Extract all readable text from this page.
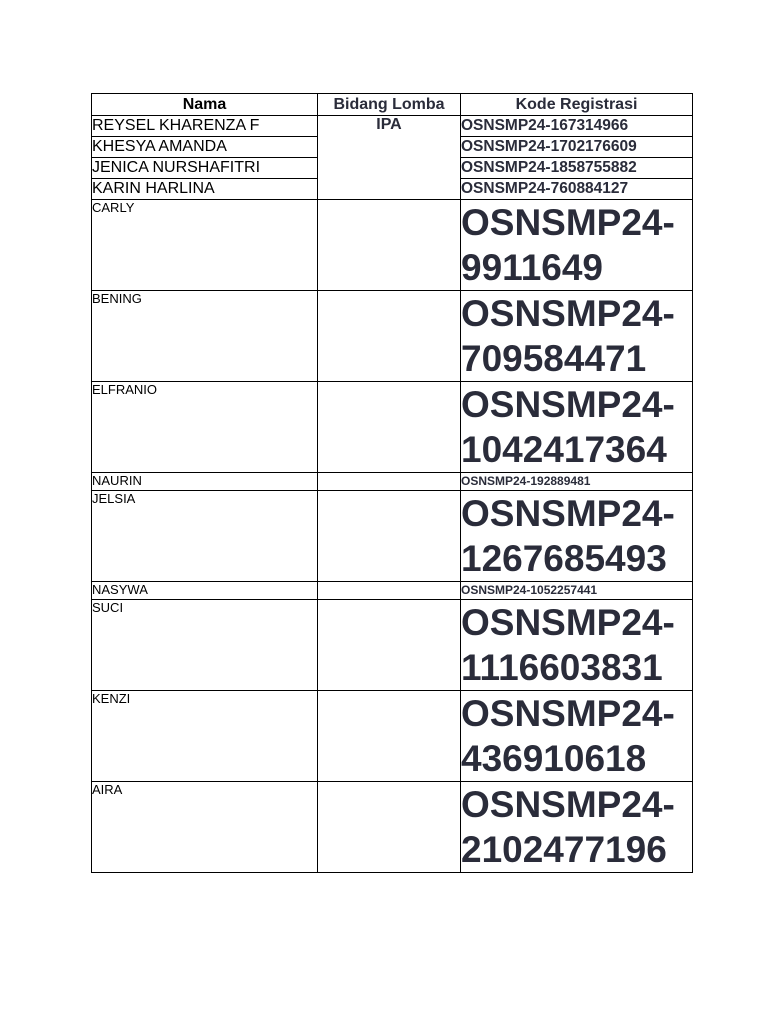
Nama	Bidang Lomba	Kode Registrasi
REYSEL KHARENZA F	IPA	OSNSMP24-167314966
KHESYA AMANDA		OSNSMP24-1702176609
JENICA NURSHAFITRI		OSNSMP24-1858755882
KARIN HARLINA		OSNSMP24-760884127
CARLY		OSNSMP24-
9911649
BENING		OSNSMP24-
709584471
ELFRANIO		OSNSMP24-
1042417364
NAURIN		OSNSMP24-192889481
JELSIA		OSNSMP24-
1267685493
NASYWA		OSNSMP24-1052257441
SUCI		OSNSMP24-
1116603831
KENZI		OSNSMP24-
436910618
AIRA		OSNSMP24-
2102477196
